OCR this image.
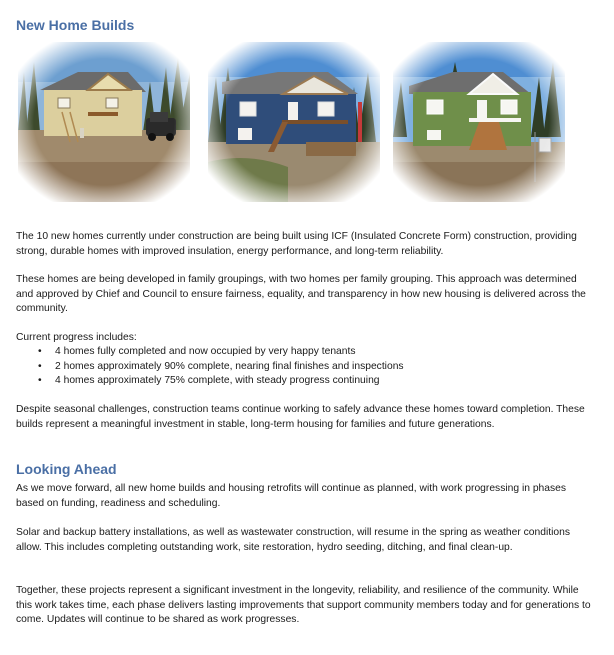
New Home Builds

The 10 new homes currently under construction are being built using ICF (Insulated Concrete Form) construction, providing strong, durable homes with improved insulation, energy performance, and long-term reliability.

These homes are being developed in family groupings, with two homes per family grouping. This approach was determined and approved by Chief and Council to ensure fairness, equality, and transparency in how new housing is delivered across the community.

Current progress includes:

• 4 homes fully completed and now occupied by very happy tenants
• 2 homes approximately 90% complete, nearing final finishes and inspections
• 4 homes approximately 75% complete, with steady progress continuing

Despite seasonal challenges, construction teams continue working to safely advance these homes toward completion. These builds represent a meaningful investment in stable, long-term housing for families and future generations.

Looking Ahead

As we move forward, all new home builds and housing retrofits will continue as planned, with work progressing in phases based on funding, readiness and scheduling.

Solar and backup battery installations, as well as wastewater construction, will resume in the spring as weather conditions allow. This includes completing outstanding work, site restoration, hydro seeding, ditching, and final clean-up.

Together, these projects represent a significant investment in the longevity, reliability, and resilience of the community. While this work takes time, each phase delivers lasting improvements that support community members today and for generations to come. Updates will continue to be shared as work progresses.
